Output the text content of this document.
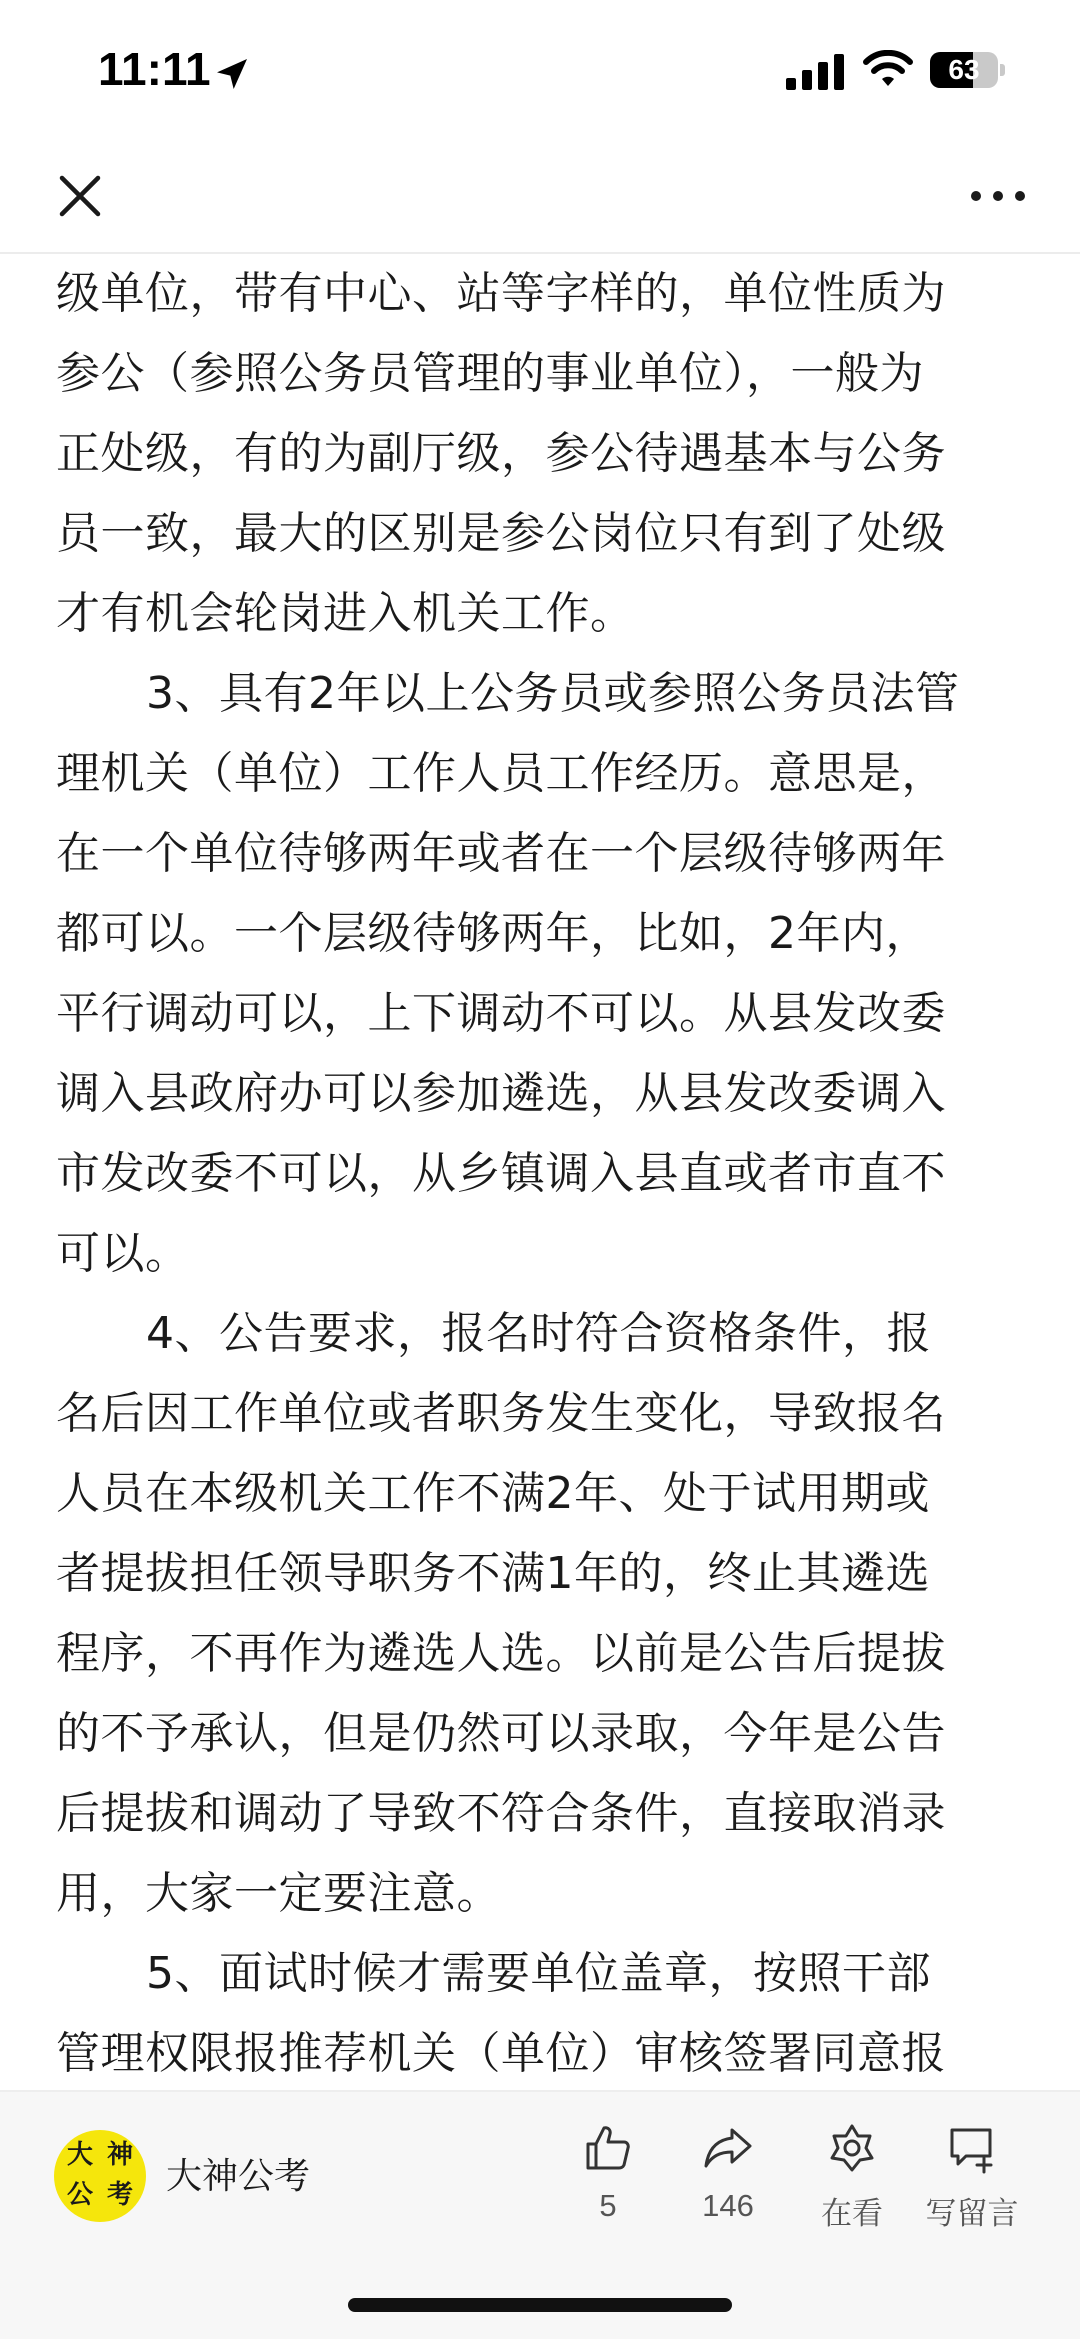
11:11	63
级单位，带有中心、站等字样的，单位性质为
参公（参照公务员管理的事业单位），一般为
正处级，有的为副厅级，参公待遇基本与公务
员一致，最大的区别是参公岗位只有到了处级
才有机会轮岗进入机关工作。
3、具有2年以上公务员或参照公务员法管
理机关（单位）工作人员工作经历。意思是，
在一个单位待够两年或者在一个层级待够两年
都可以。一个层级待够两年，比如，2年内，
平行调动可以，上下调动不可以。从县发改委
调入县政府办可以参加遴选，从县发改委调入
市发改委不可以，从乡镇调入县直或者市直不
可以。
4、公告要求，报名时符合资格条件，报
名后因工作单位或者职务发生变化，导致报名
人员在本级机关工作不满2年、处于试用期或
者提拔担任领导职务不满1年的，终止其遴选
程序，不再作为遴选人选。以前是公告后提拔
的不予承认，但是仍然可以录取，今年是公告
后提拔和调动了导致不符合条件，直接取消录
用，大家一定要注意。
5、面试时候才需要单位盖章，按照干部
管理权限报推荐机关（单位）审核签署同意报
大 神
公 考 大神公考
5	146	在看	写留言
